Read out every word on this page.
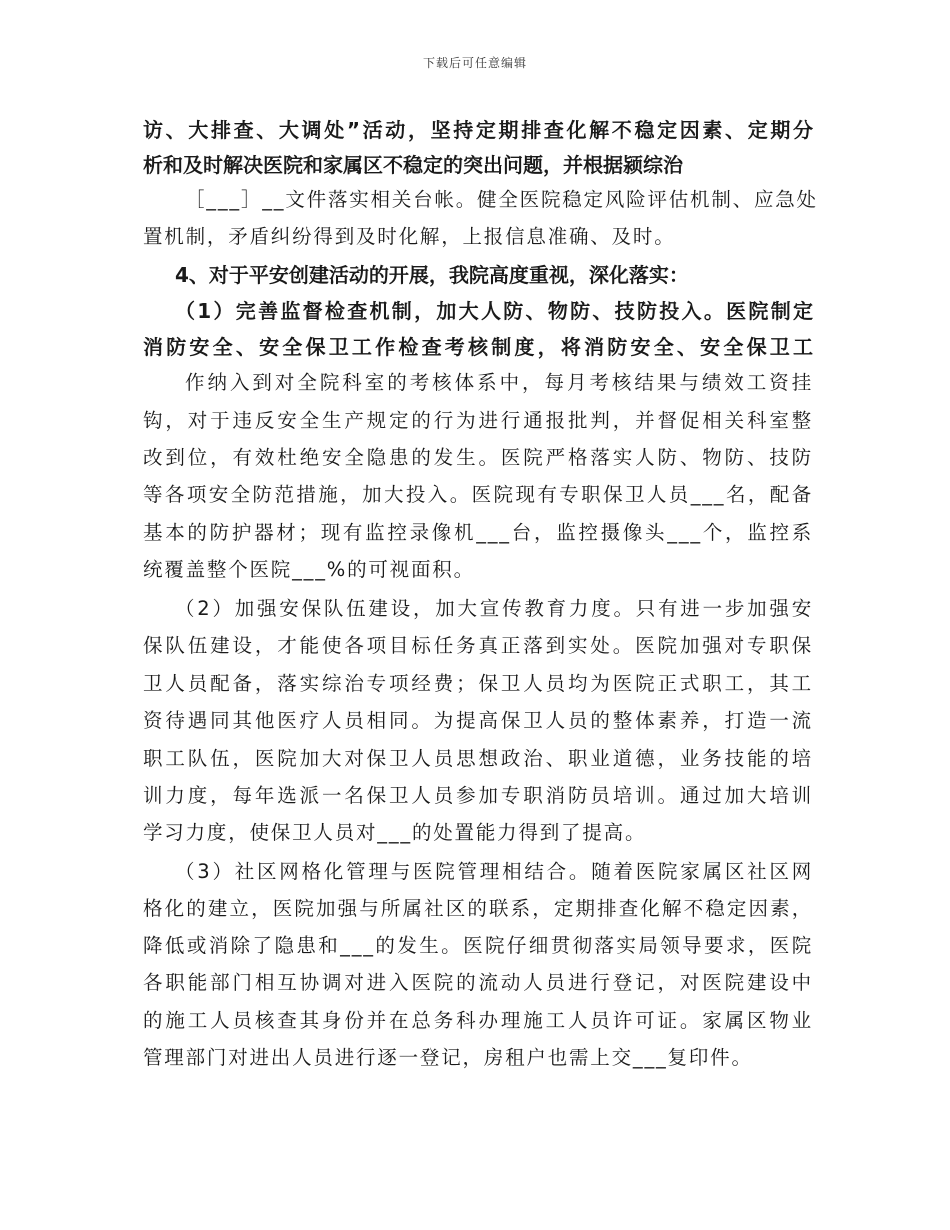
下载后可任意编辑
访、大排查、大调处”活动，坚持定期排查化解不稳定因素、定期分
析和及时解决医院和家属区不稳定的突出问题，并根据颍综治
［___］__文件落实相关台帐。健全医院稳定风险评估机制、应急处
置机制，矛盾纠纷得到及时化解，上报信息准确、及时。
4、对于平安创建活动的开展，我院高度重视，深化落实：
（1）完善监督检查机制，加大人防、物防、技防投入。医院制定
消防安全、安全保卫工作检查考核制度，将消防安全、安全保卫工
作纳入到对全院科室的考核体系中，每月考核结果与绩效工资挂
钩，对于违反安全生产规定的行为进行通报批判，并督促相关科室整
改到位，有效杜绝安全隐患的发生。医院严格落实人防、物防、技防
等各项安全防范措施，加大投入。医院现有专职保卫人员___名，配备
基本的防护器材；现有监控录像机___台，监控摄像头___个，监控系
统覆盖整个医院___%的可视面积。
（2）加强安保队伍建设，加大宣传教育力度。只有进一步加强安
保队伍建设，才能使各项目标任务真正落到实处。医院加强对专职保
卫人员配备，落实综治专项经费；保卫人员均为医院正式职工，其工
资待遇同其他医疗人员相同。为提高保卫人员的整体素养，打造一流
职工队伍，医院加大对保卫人员思想政治、职业道德，业务技能的培
训力度，每年选派一名保卫人员参加专职消防员培训。通过加大培训
学习力度，使保卫人员对___的处置能力得到了提高。
（3）社区网格化管理与医院管理相结合。随着医院家属区社区网
格化的建立，医院加强与所属社区的联系，定期排查化解不稳定因素，
降低或消除了隐患和___的发生。医院仔细贯彻落实局领导要求，医院
各职能部门相互协调对进入医院的流动人员进行登记，对医院建设中
的施工人员核查其身份并在总务科办理施工人员许可证。家属区物业
管理部门对进出人员进行逐一登记，房租户也需上交___复印件。
